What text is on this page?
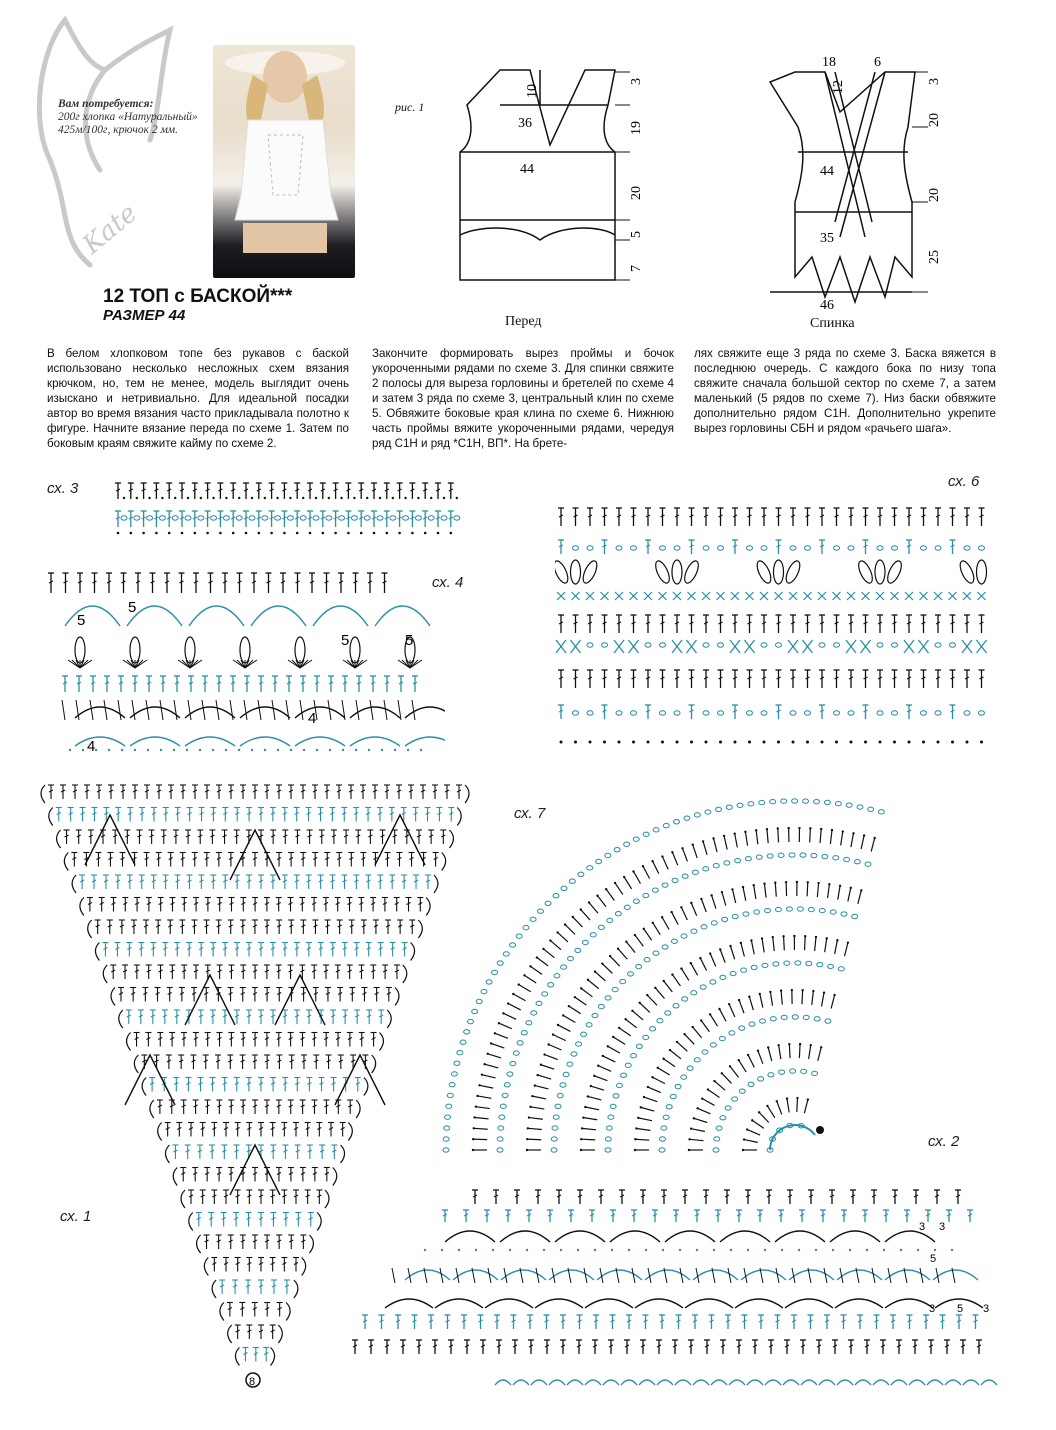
Kate
Вам потребуется:
200г хлопка «Натуральный» 425м/100г, крючок 2 мм.
12 ТОП с БАСКОЙ***
РАЗМЕР 44
рис. 1
10
36
44
3
19
20
5
7
Перед
18	6
12
44
35
46
3
20
20
25
Спинка
В белом хлопковом топе без рукавов с баской использовано несколько несложных схем вязания крючком, но, тем не менее, модель выглядит очень изыскано и нетривиально. Для идеальной посадки автор во время вязания часто прикладывала полотно к фигуре. Начните вязание переда по схеме 1. Затем по боковым краям свяжите кайму по схеме 2.
Закончите формировать вырез проймы и бочок укороченными рядами по схеме 3. Для спинки свяжите 2 полосы для выреза горловины и бретелей по схеме 4 и затем 3 ряда по схеме 3, центральный клин по схеме 5. Обвяжите боковые края клина по схеме 6. Нижнюю часть проймы вяжите укороченными рядами, чередуя ряд С1Н и ряд *С1Н, ВП*. На брете-
лях свяжите еще 3 ряда по схеме 3. Баска вяжется в последнюю очередь. С каждого бока по низу топа свяжите сначала большой сектор по схеме 7, а затем маленький (5 рядов по схеме 7). Низ баски обвяжите дополнительно рядом С1Н. Дополнительно укрепите вырез горловины СБН и рядом «рачьего шага».
сх. 3
сх. 4
сх. 6
сх. 7
сх. 2
сх. 1
5
5
5	5
4
4
8
3 3
5
3 5 3
